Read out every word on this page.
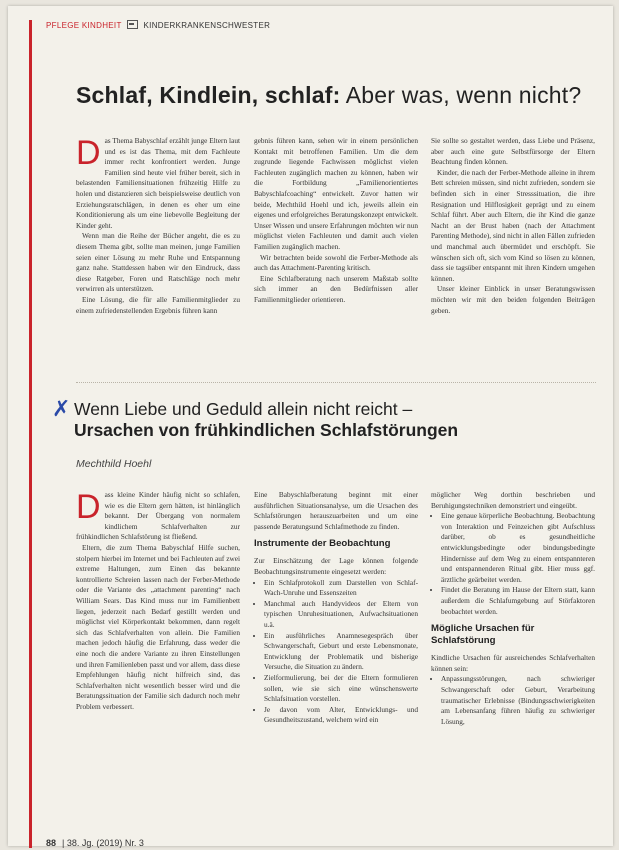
PFLEGE KINDHEIT	KINDERKRANKENSCHWESTER
Schlaf, Kindlein, schlaf: Aber was, wenn nicht?

Das Thema Babyschlaf erzählt junge Eltern laut und es ist das Thema, mit dem Fachleute immer recht konfrontiert werden. Junge Familien sind heute viel früher bereit, sich in belastenden Familiensituationen frühzeitig Hilfe zu holen und distanzieren sich beispielsweise deutlich von Erziehungsratschlägen, in denen es eher um eine Konditionierung als um eine liebevolle Begleitung der Kinder geht.

Wenn man die Reihe der Bücher angeht, die es zu diesem Thema gibt, sollte man meinen, junge Familien seien einer Lösung zu mehr Ruhe und Entspannung ganz nahe. Stattdessen haben wir den Eindruck, dass diese Ratgeber, Foren und Ratschläge noch mehr verwirren als unterstützen.

Eine Lösung, die für alle Familienmitglieder zu einem zufriedenstellenden Ergebnis führen kann

gebnis führen kann, sehen wir in einem persönlichen Kontakt mit betroffenen Familien. Um die dem zugrunde liegende Fachwissen möglichst vielen Fachleuten zugänglich machen zu können, haben wir die Fortbildung „Familienorientiertes Babyschlafcoaching“ entwickelt. Zuvor hatten wir beide, Mechthild Hoehl und ich, jeweils allein ein eigenes und erfolgreiches Beratungskonzept entwickelt. Unser Wissen und unsere Erfahrungen möchten wir nun möglichst vielen Fachleuten und damit auch vielen Familien zugänglich machen.

Wir betrachten beide sowohl die Ferber-Methode als auch das Attachment-Parenting kritisch.

Eine Schlafberatung nach unserem Maßstab sollte sich immer an den Bedürfnissen aller Familienmitglieder orientieren.

Sie sollte so gestaltet werden, dass Liebe und Präsenz, aber auch eine gute Selbstfürsorge der Eltern Beachtung finden können.

Kinder, die nach der Ferber-Methode alleine in ihrem Bett schreien müssen, sind nicht zufrieden, sondern sie befinden sich in einer Stresssituation, die ihre Resignation und Hilflosigkeit geprägt und zu einem Schlaf führt. Aber auch Eltern, die ihr Kind die ganze Nacht an der Brust haben (nach der Attachment Parenting Methode), sind nicht in allen Fällen zufrieden und manchmal auch übermüdet und erschöpft. Sie wünschen sich oft, sich vom Kind so lösen zu können, dass sie tagsüber entspannt mit ihren Kindern umgehen können.

Unser kleiner Einblick in unser Beratungswissen möchten wir mit den beiden folgenden Beiträgen geben.

✗ Wenn Liebe und Geduld allein nicht reicht –
Ursachen von frühkindlichen Schlafstörungen
Mechthild Hoehl

Dass kleine Kinder häufig nicht so schlafen, wie es die Eltern gern hätten, ist hinlänglich bekannt. Der Übergang von normalem kindlichem Schlafverhalten zur frühkindlichen Schlafstörung ist fließend.

Eltern, die zum Thema Babyschlaf Hilfe suchen, stolpern hierbei im Internet und bei Fachleuten auf zwei extreme Haltungen, zum Einen das bekannte kontrollierte Schreien lassen nach der Ferber-Methode oder die Variante des „attachment parenting“ nach William Sears. Das Kind muss nur im Familienbett liegen, jederzeit nach Bedarf gestillt werden und möglichst viel Körperkontakt bekommen, dann regelt sich das Schlafverhalten von allein. Die Familien machen jedoch häufig die Erfahrung, dass weder die eine noch die andere Variante zu ihren Einstellungen und ihren Familienleben passt und vor allem, dass diese Empfehlungen häufig nicht hilfreich sind, das Schlafverhalten nicht wesentlich besser wird und die Beratungssituation der Familie sich dadurch noch mehr Problem verbessert.

Eine Babyschlafberatung beginnt mit einer ausführlichen Situationsanalyse, um die Ursachen des Schlafstörungen herauszuarbeiten und um eine passende Beratungsund Schlafmethode zu finden.

Instrumente der Beobachtung

Zur Einschätzung der Lage können folgende Beobachtungsinstrumente eingesetzt werden:

• Ein Schlafprotokoll zum Darstellen von Schlaf-Wach-Unruhe und Essenszeiten
• Manchmal auch Handyvideos der Eltern von typischen Unruhesituationen, Aufwachsituationen u.ä.
• Ein ausführliches Anamnesegespräch über Schwangerschaft, Geburt und erste Lebensmonate, Entwicklung der Problematik und bisherige Versuche, die Situation zu ändern.
• Zielformulierung, bei der die Eltern formulieren sollen, wie sie sich eine wünschenswerte Schlafsituation vorstellen.
• Je davon vom Alter, Entwicklungs- und Gesundheitszustand, welchem wird ein

möglicher Weg dorthin beschrieben und Beruhigungstechniken demonstriert und eingeübt.

• Eine genaue körperliche Beobachtung. Beobachtung von Interaktion und Feinzeichen gibt Aufschluss darüber, ob es gesundheitliche entwicklungsbedingte oder bindungsbedingte Hindernisse auf dem Weg zu einem entspannteren und entspannenderen Ritual gibt. Hier muss ggf. ärztliche geärbeitet werden.
• Findet die Beratung im Hause der Eltern statt, kann außerdem die Schlafumgebung auf Störfaktoren beobachtet werden.
Mögliche Ursachen für Schlafstörung

Kindliche Ursachen für ausreichendes Schlafverhalten können sein:

• Anpassungsstörungen, nach schwieriger Schwangerschaft oder Geburt, Verarbeitung traumatischer Erlebnisse (Bindungsschwierigkeiten am Lebensanfang führen häufig zu schwieriger Lösung,
88 | 38. Jg. (2019) Nr. 3
